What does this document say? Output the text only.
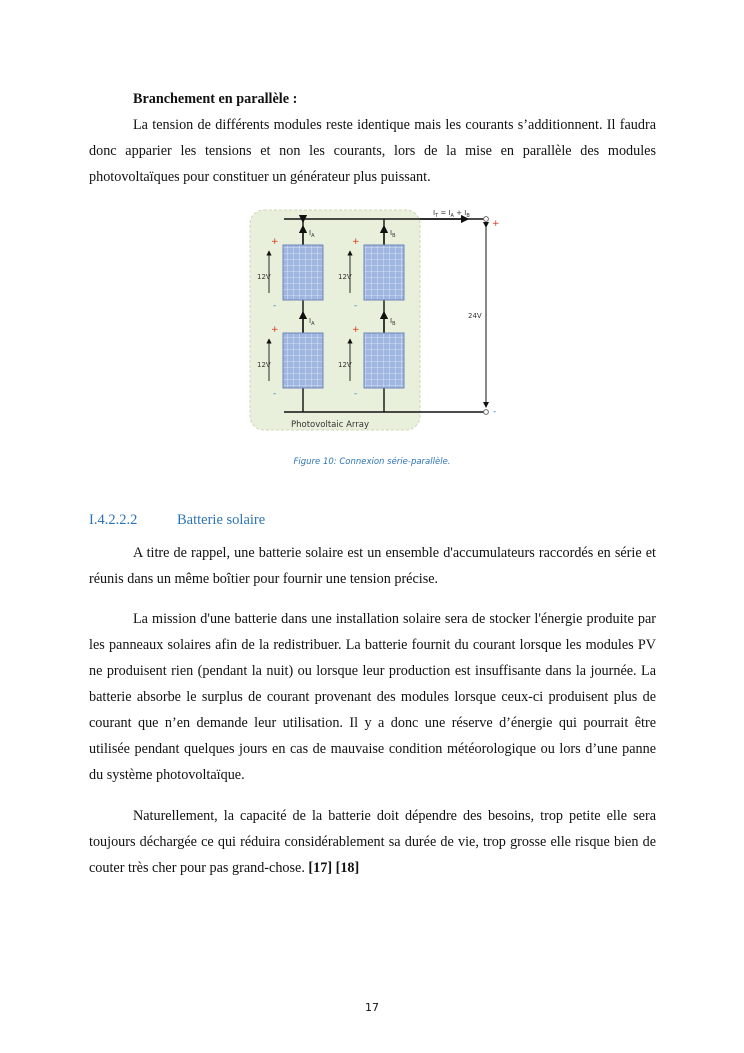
Branchement en parallèle :

La tension de différents modules reste identique mais les courants s’additionnent. Il faudra donc apparier les tensions et non les courants, lors de la mise en parallèle des modules photovoltaïques pour constituer un générateur plus puissant.

$I_T = I_A + I_B$
$I_A$
$I_A$
$I_B$
$I_B$
12V
12V
12V
12V
24V
Photovoltaic Array
+
+
+
+
-
-
-
-
+
-

Figure 10: Connexion série-parallèle.

I.4.2.2.2	Batterie solaire

A titre de rappel, une batterie solaire est un ensemble d'accumulateurs raccordés en série et réunis dans un même boîtier pour fournir une tension précise.

La mission d'une batterie dans une installation solaire sera de stocker l'énergie produite par les panneaux solaires afin de la redistribuer. La batterie fournit du courant lorsque les modules PV ne produisent rien (pendant la nuit) ou lorsque leur production est insuffisante dans la journée. La batterie absorbe le surplus de courant provenant des modules lorsque ceux-ci produisent plus de courant que n’en demande leur utilisation. Il y a donc une réserve d’énergie qui pourrait être utilisée pendant quelques jours en cas de mauvaise condition météorologique ou lors d’une panne du système photovoltaïque.

Naturellement, la capacité de la batterie doit dépendre des besoins, trop petite elle sera toujours déchargée ce qui réduira considérablement sa durée de vie, trop grosse elle risque bien de couter très cher pour pas grand-chose. [17] [18]

17
